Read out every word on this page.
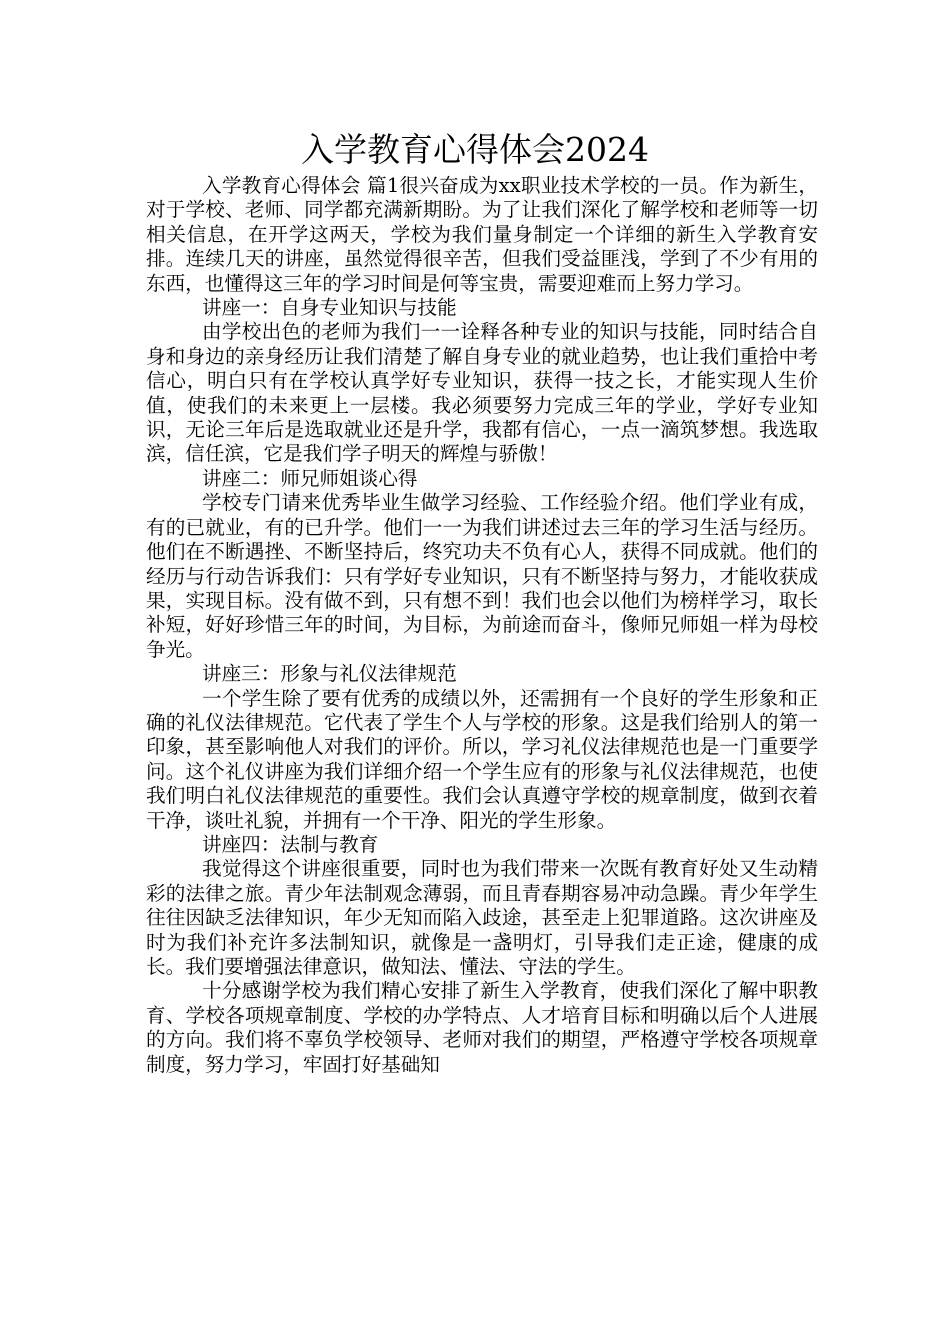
入学教育心得体会2024

入学教育心得体会 篇1很兴奋成为xx职业技术学校的一员。作为新生，对于学校、老师、同学都充满新期盼。为了让我们深化了解学校和老师等一切相关信息，在开学这两天，学校为我们量身制定一个详细的新生入学教育安排。连续几天的讲座，虽然觉得很辛苦，但我们受益匪浅，学到了不少有用的东西，也懂得这三年的学习时间是何等宝贵，需要迎难而上努力学习。

讲座一：自身专业知识与技能

由学校出色的老师为我们一一诠释各种专业的知识与技能，同时结合自身和身边的亲身经历让我们清楚了解自身专业的就业趋势，也让我们重拾中考信心，明白只有在学校认真学好专业知识，获得一技之长，才能实现人生价值，使我们的未来更上一层楼。我必须要努力完成三年的学业，学好专业知识，无论三年后是选取就业还是升学，我都有信心，一点一滴筑梦想。我选取滨，信任滨，它是我们学子明天的辉煌与骄傲！

讲座二：师兄师姐谈心得

学校专门请来优秀毕业生做学习经验、工作经验介绍。他们学业有成，有的已就业，有的已升学。他们一一为我们讲述过去三年的学习生活与经历。他们在不断遇挫、不断坚持后，终究功夫不负有心人，获得不同成就。他们的经历与行动告诉我们：只有学好专业知识，只有不断坚持与努力，才能收获成果，实现目标。没有做不到，只有想不到！我们也会以他们为榜样学习，取长补短，好好珍惜三年的时间，为目标，为前途而奋斗，像师兄师姐一样为母校争光。

讲座三：形象与礼仪法律规范

一个学生除了要有优秀的成绩以外，还需拥有一个良好的学生形象和正确的礼仪法律规范。它代表了学生个人与学校的形象。这是我们给别人的第一印象，甚至影响他人对我们的评价。所以，学习礼仪法律规范也是一门重要学问。这个礼仪讲座为我们详细介绍一个学生应有的形象与礼仪法律规范，也使我们明白礼仪法律规范的重要性。我们会认真遵守学校的规章制度，做到衣着干净，谈吐礼貌，并拥有一个干净、阳光的学生形象。

讲座四：法制与教育

我觉得这个讲座很重要，同时也为我们带来一次既有教育好处又生动精彩的法律之旅。青少年法制观念薄弱，而且青春期容易冲动急躁。青少年学生往往因缺乏法律知识，年少无知而陷入歧途，甚至走上犯罪道路。这次讲座及时为我们补充许多法制知识，就像是一盏明灯，引导我们走正途，健康的成长。我们要增强法律意识，做知法、懂法、守法的学生。

十分感谢学校为我们精心安排了新生入学教育，使我们深化了解中职教育、学校各项规章制度、学校的办学特点、人才培育目标和明确以后个人进展的方向。我们将不辜负学校领导、老师对我们的期望，严格遵守学校各项规章制度，努力学习，牢固打好基础知
